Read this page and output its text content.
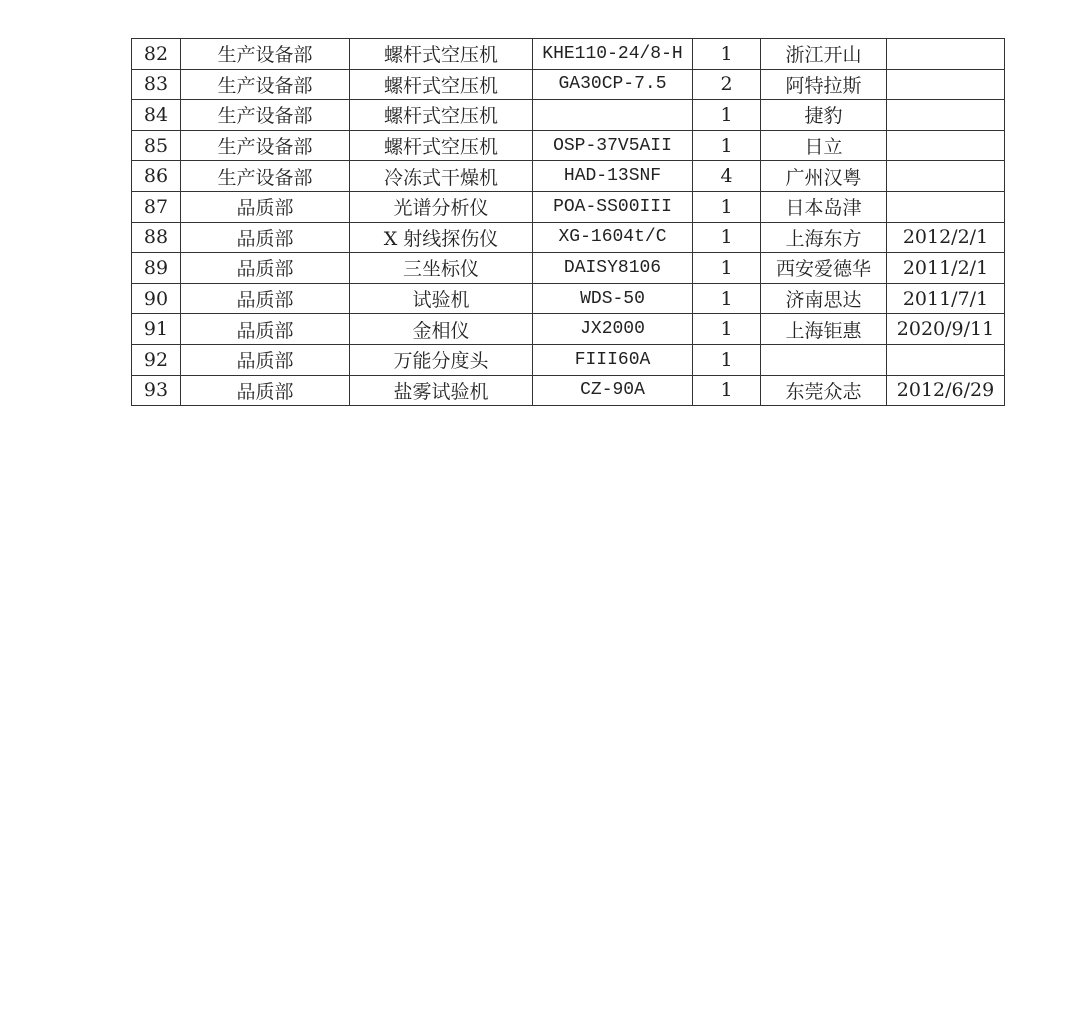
82	生产设备部	螺杆式空压机	KHE110-24/8-H	1	浙江开山	
83	生产设备部	螺杆式空压机	GA30CP-7.5	2	阿特拉斯	
84	生产设备部	螺杆式空压机		1	捷豹	
85	生产设备部	螺杆式空压机	OSP-37V5AII	1	日立	
86	生产设备部	冷冻式干燥机	HAD-13SNF	4	广州汉粤	
87	品质部	光谱分析仪	POA-SS00III	1	日本岛津	
88	品质部	X 射线探伤仪	XG-1604t/C	1	上海东方	2012/2/1
89	品质部	三坐标仪	DAISY8106	1	西安爱德华	2011/2/1
90	品质部	试验机	WDS-50	1	济南思达	2011/7/1
91	品质部	金相仪	JX2000	1	上海钜惠	2020/9/11
92	品质部	万能分度头	FIII60A	1		
93	品质部	盐雾试验机	CZ-90A	1	东莞众志	2012/6/29
